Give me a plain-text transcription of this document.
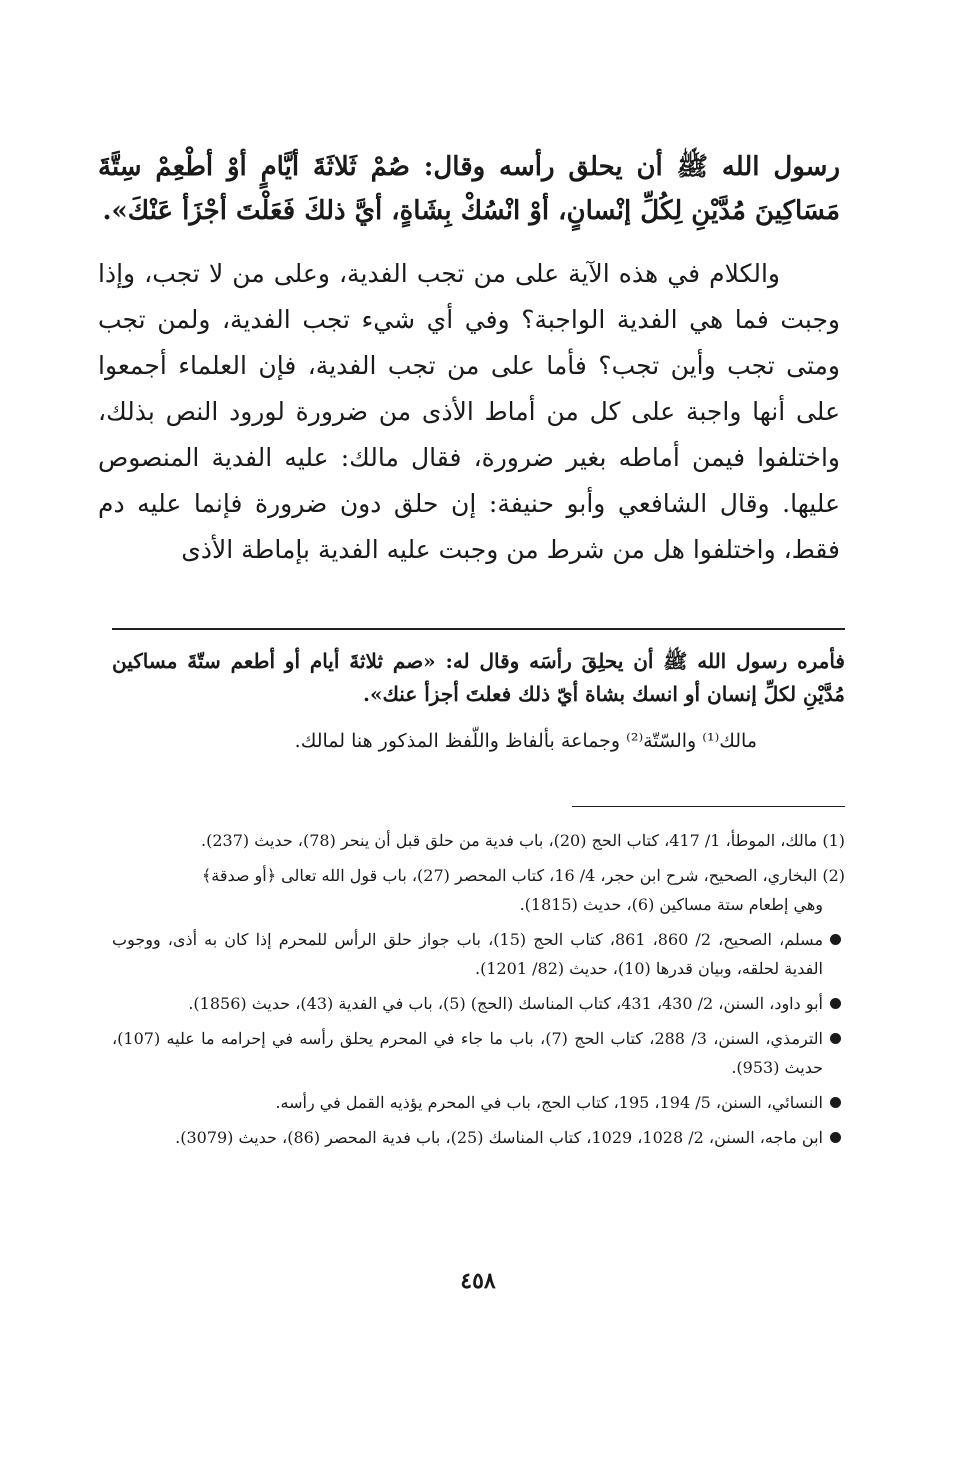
رسول الله ﷺ أن يحلق رأسه وقال: صُمْ ثَلاثَةَ أيَّامٍ أوْ أطْعِمْ سِتَّةَ مَسَاكِينَ مُدَّيْنِ لِكُلِّ إنْسانٍ، أوْ انْسُكْ بِشَاةٍ، أيَّ ذلكَ فَعَلْتَ أجْزَأ عَنْكَ».

والكلام في هذه الآية على من تجب الفدية، وعلى من لا تجب، وإذا وجبت فما هي الفدية الواجبة؟ وفي أي شيء تجب الفدية، ولمن تجب ومتى تجب وأين تجب؟ فأما على من تجب الفدية، فإن العلماء أجمعوا على أنها واجبة على كل من أماط الأذى من ضرورة لورود النص بذلك، واختلفوا فيمن أماطه بغير ضرورة، فقال مالك: عليه الفدية المنصوص عليها. وقال الشافعي وأبو حنيفة: إن حلق دون ضرورة فإنما عليه دم فقط، واختلفوا هل من شرط من وجبت عليه الفدية بإماطة الأذى

فأمره رسول الله ﷺ أن يحلِقَ رأسَه وقال له: «صم ثلاثةَ أيام أو أطعم ستّةَ مساكين مُدَّيْنِ لكلِّ إنسان أو انسك بشاة أيّ ذلك فعلتَ أجزأ عنك».

مالك⁽¹⁾ والسّتّة⁽²⁾ وجماعة بألفاظ واللّفظ المذكور هنا لمالك.

(1) مالك، الموطأ، 1/ 417، كتاب الحج (20)، باب فدية من حلق قبل أن ينحر (78)، حديث (237).

(2) البخاري، الصحيح، شرح ابن حجر، 4/ 16، كتاب المحصر (27)، باب قول الله تعالى ﴿أو صدقة﴾

وهي إطعام ستة مساكين (6)، حديث (1815).

مسلم، الصحيح، 2/ 860، 861، كتاب الحج (15)، باب جواز حلق الرأس للمحرم إذا كان به أذى، ووجوب الفدية لحلقه، وبيان قدرها (10)، حديث (82/ 1201).

أبو داود، السنن، 2/ 430، 431، كتاب المناسك (الحج) (5)، باب في الفدية (43)، حديث (1856).

الترمذي، السنن، 3/ 288، كتاب الحج (7)، باب ما جاء في المحرم يحلق رأسه في إحرامه ما عليه (107)، حديث (953).

النسائي، السنن، 5/ 194، 195، كتاب الحج، باب في المحرم يؤذيه القمل في رأسه.

ابن ماجه، السنن، 2/ 1028، 1029، كتاب المناسك (25)، باب فدية المحصر (86)، حديث (3079).

٤٥٨
